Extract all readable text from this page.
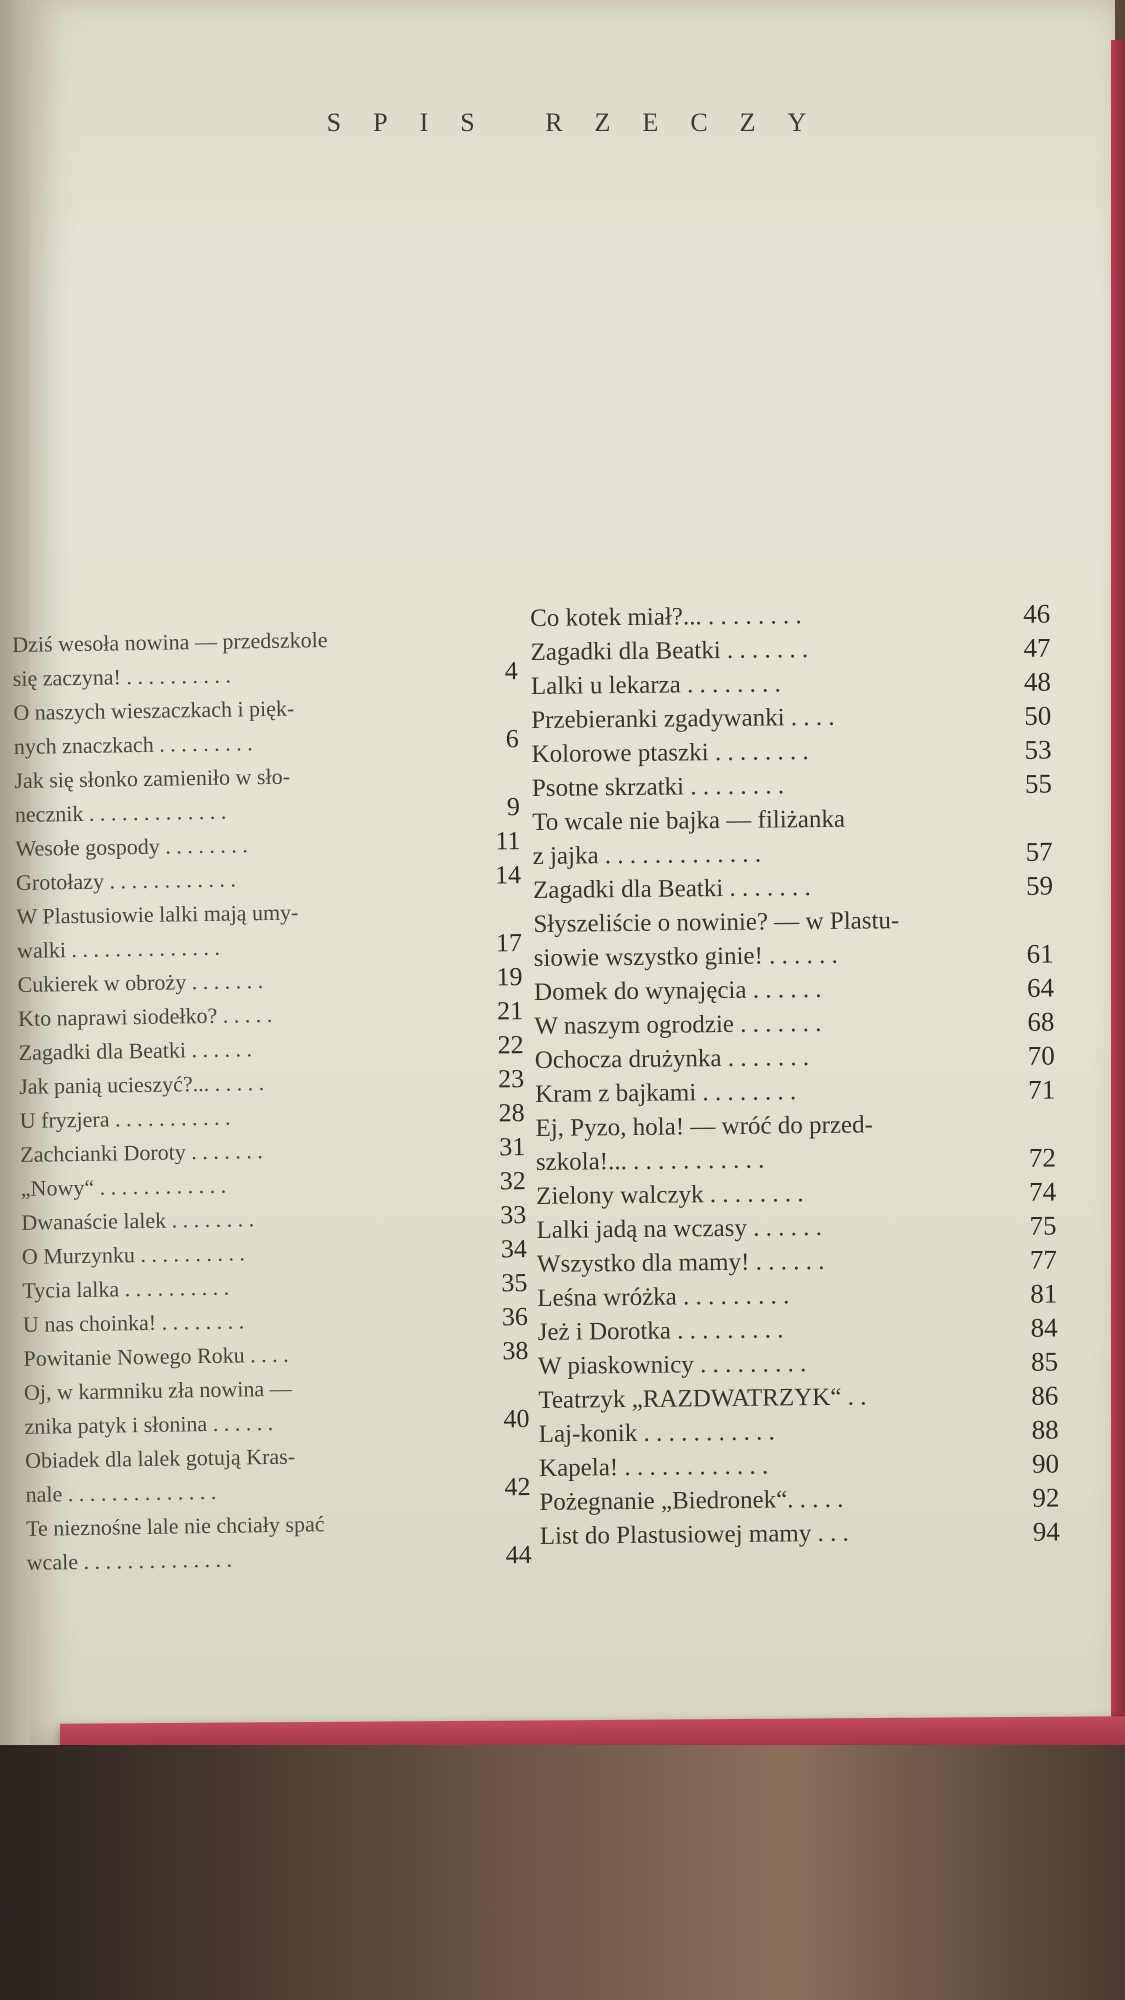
SPIS RZECZY
Dziś wesoła nowina — przedszkole
się zaczyna! . . . . . . . . . .	4
O naszych wieszaczkach i pięk-
nych znaczkach . . . . . . . . .	6
Jak się słonko zamieniło w sło-
necznik . . . . . . . . . . . . .	9
Wesołe gospody . . . . . . . .	11
Grotołazy . . . . . . . . . . . .	14
W Plastusiowie lalki mają umy-
walki . . . . . . . . . . . . . .	17
Cukierek w obroży . . . . . . .	19
Kto naprawi siodełko? . . . . .	21
Zagadki dla Beatki . . . . . .	22
Jak panią ucieszyć?... . . . . .	23
U fryzjera . . . . . . . . . . .	28
Zachcianki Doroty . . . . . . .	31
„Nowy“ . . . . . . . . . . . .	32
Dwanaście lalek . . . . . . . .	33
O Murzynku . . . . . . . . . .	34
Tycia lalka . . . . . . . . . .	35
U nas choinka! . . . . . . . .	36
Powitanie Nowego Roku . . . .	38
Oj, w karmniku zła nowina —
znika patyk i słonina . . . . . .	40
Obiadek dla lalek gotują Kras-
nale . . . . . . . . . . . . . .	42
Te nieznośne lale nie chciały spać
wcale . . . . . . . . . . . . . .	44
Co kotek miał?... . . . . . . . .	46
Zagadki dla Beatki . . . . . . .	47
Lalki u lekarza . . . . . . . .	48
Przebieranki zgadywanki . . . .	50
Kolorowe ptaszki . . . . . . . .	53
Psotne skrzatki . . . . . . . .	55
To wcale nie bajka — filiżanka
z jajka . . . . . . . . . . . . .	57
Zagadki dla Beatki . . . . . . .	59
Słyszeliście o nowinie? — w Plastu-
siowie wszystko ginie! . . . . . .	61
Domek do wynajęcia . . . . . .	64
W naszym ogrodzie . . . . . . .	68
Ochocza drużynka . . . . . . .	70
Kram z bajkami . . . . . . . .	71
Ej, Pyzo, hola! — wróć do przed-
szkola!... . . . . . . . . . . .	72
Zielony walczyk . . . . . . . .	74
Lalki jadą na wczasy . . . . . .	75
Wszystko dla mamy! . . . . . .	77
Leśna wróżka . . . . . . . . .	81
Jeż i Dorotka . . . . . . . . .	84
W piaskownicy . . . . . . . . .	85
Teatrzyk „RAZDWATRZYK“ . .	86
Laj-konik . . . . . . . . . . .	88
Kapela! . . . . . . . . . . . .	90
Pożegnanie „Biedronek“. . . . .	92
List do Plastusiowej mamy . . .	94
